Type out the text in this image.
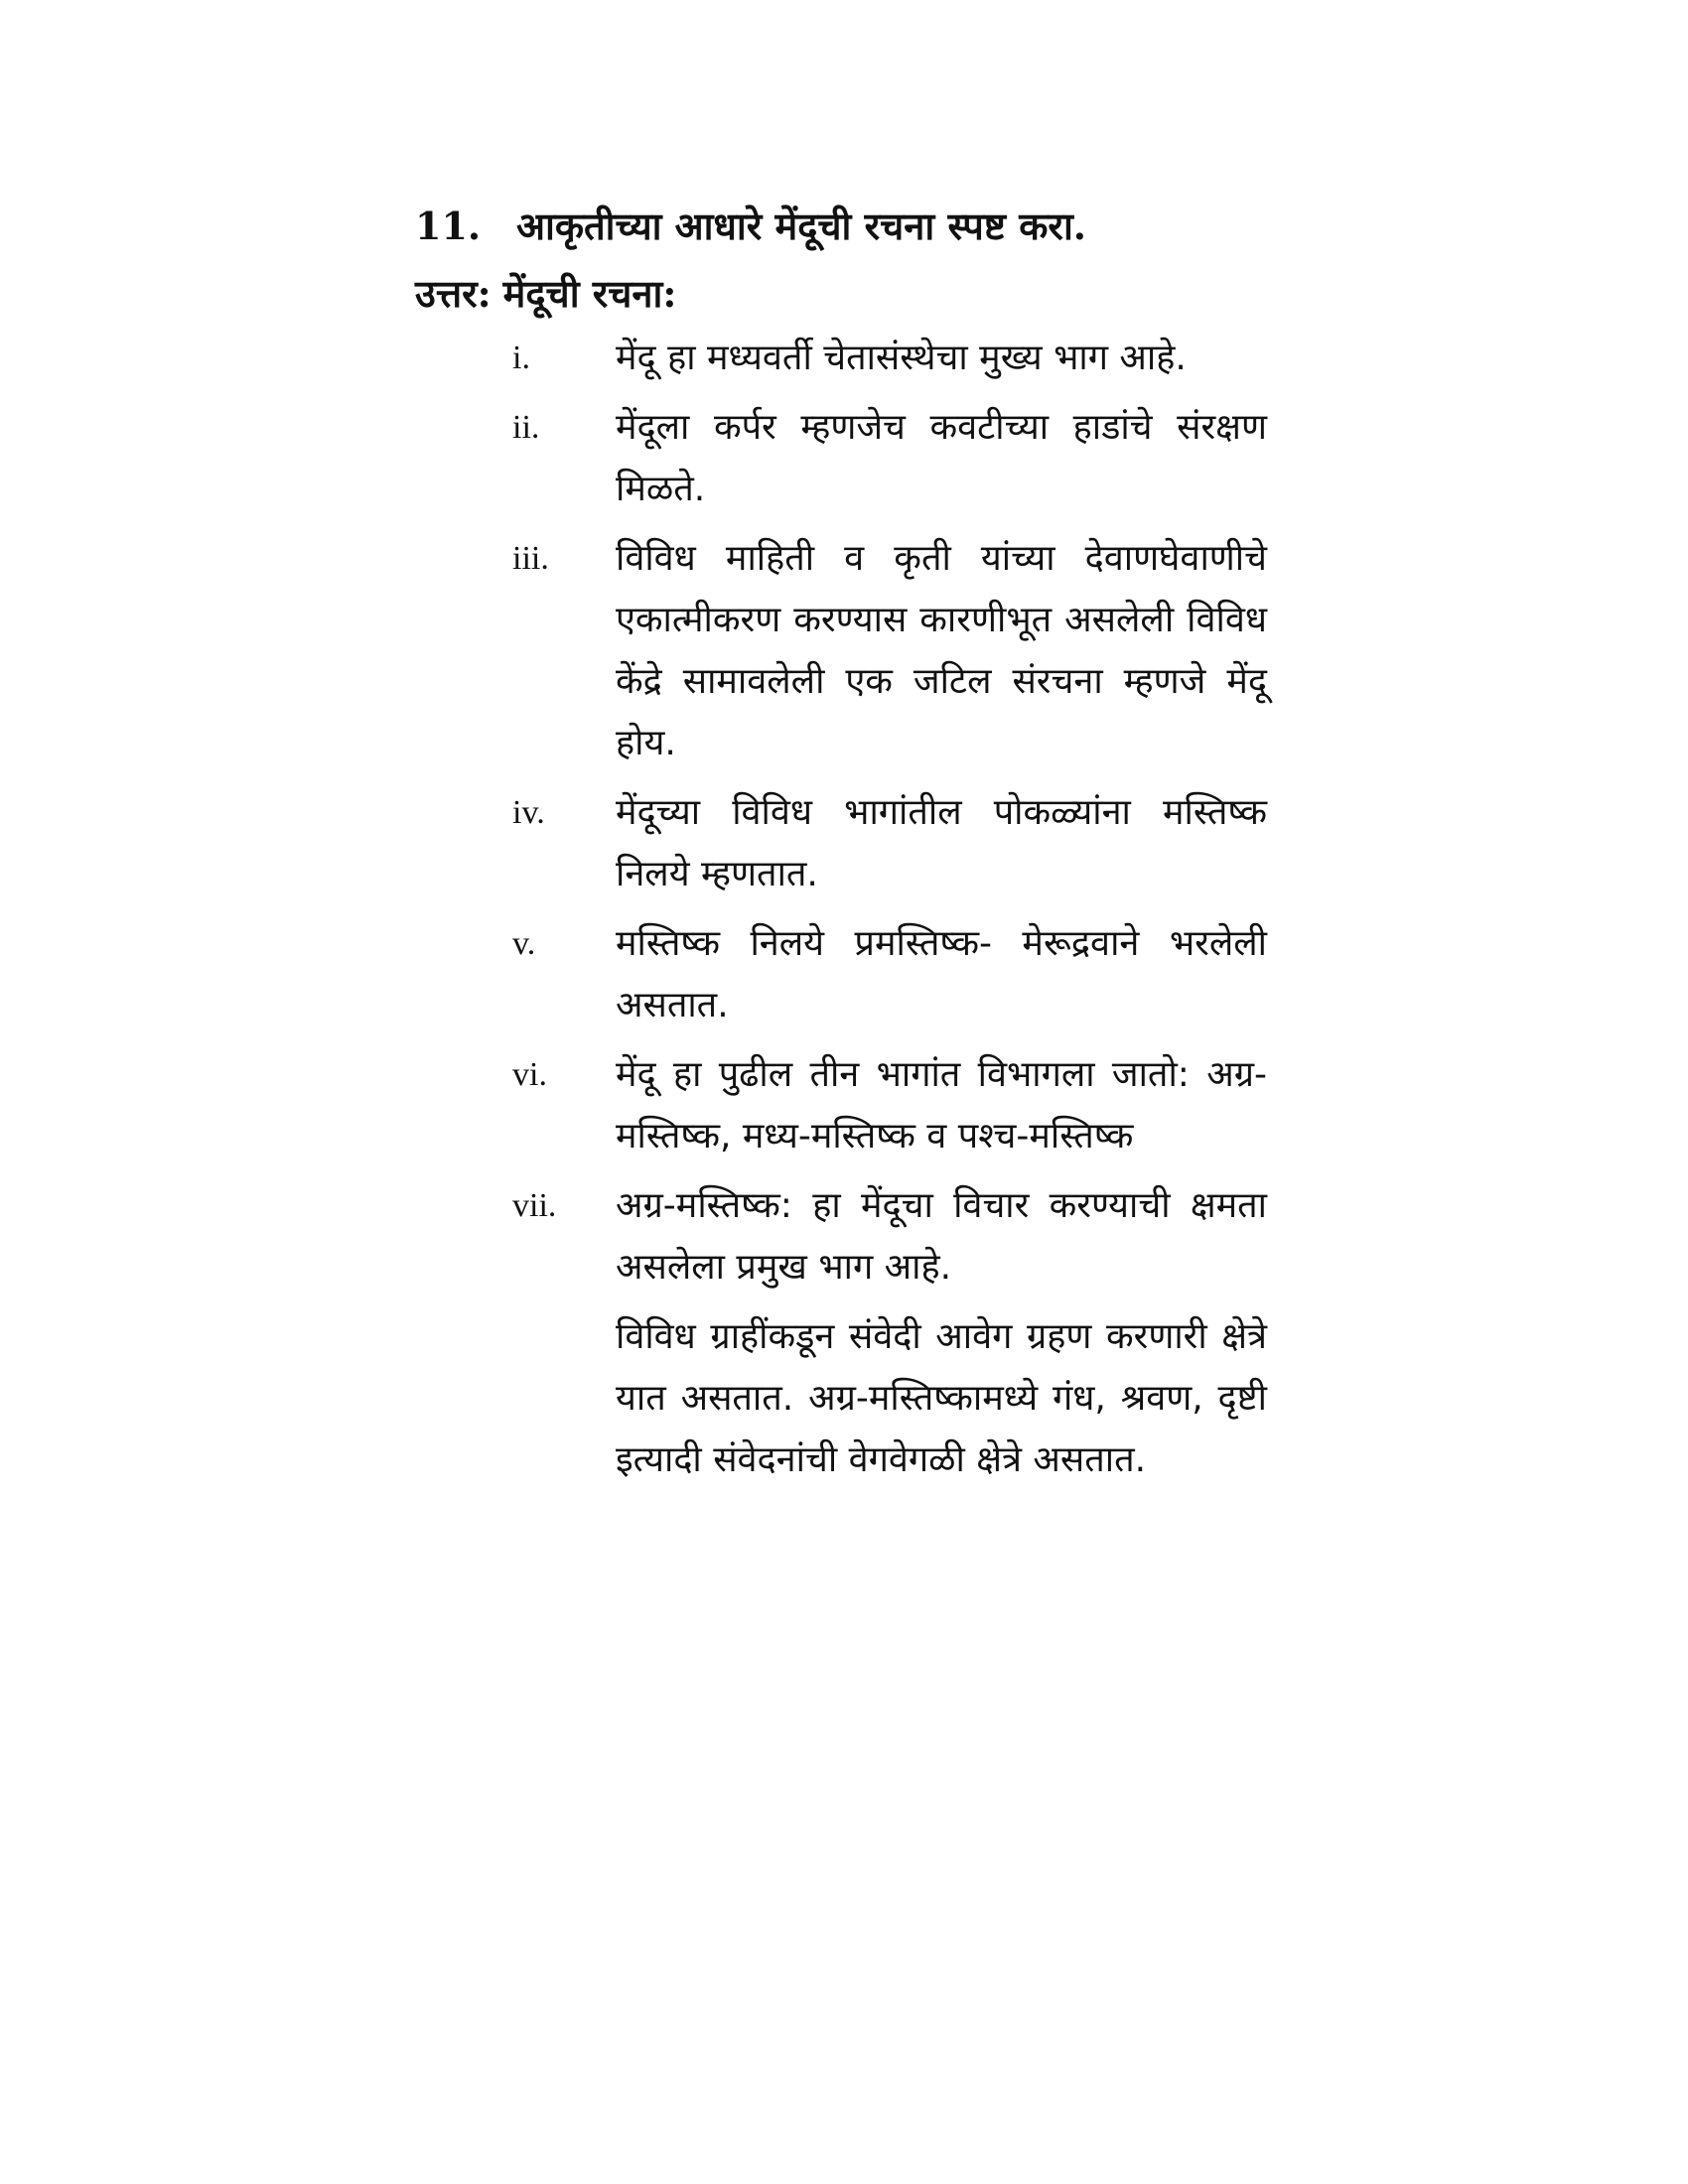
11. आकृतीच्या आधारे मेंदूची रचना स्पष्ट करा.
उत्तर: मेंदूची रचना:
i. मेंदू हा मध्यवर्ती चेतासंस्थेचा मुख्य भाग आहे.
ii. मेंदूला कर्पर म्हणजेच कवटीच्या हाडांचे संरक्षण मिळते.
iii. विविध माहिती व कृती यांच्या देवाणघेवाणीचे एकात्मीकरण करण्यास कारणीभूत असलेली विविध केंद्रे सामावलेली एक जटिल संरचना म्हणजे मेंदू होय.
iv. मेंदूच्या विविध भागांतील पोकळ्यांना मस्तिष्क निलये म्हणतात.
v. मस्तिष्क निलये प्रमस्तिष्क- मेरूद्रवाने भरलेली असतात.
vi. मेंदू हा पुढील तीन भागांत विभागला जातो: अग्र-मस्तिष्क, मध्य-मस्तिष्क व पश्च-मस्तिष्क
vii. अग्र-मस्तिष्क: हा मेंदूचा विचार करण्याची क्षमता असलेला प्रमुख भाग आहे.
विविध ग्राहींकडून संवेदी आवेग ग्रहण करणारी क्षेत्रे यात असतात. अग्र-मस्तिष्कामध्ये गंध, श्रवण, दृष्टी इत्यादी संवेदनांची वेगवेगळी क्षेत्रे असतात.
